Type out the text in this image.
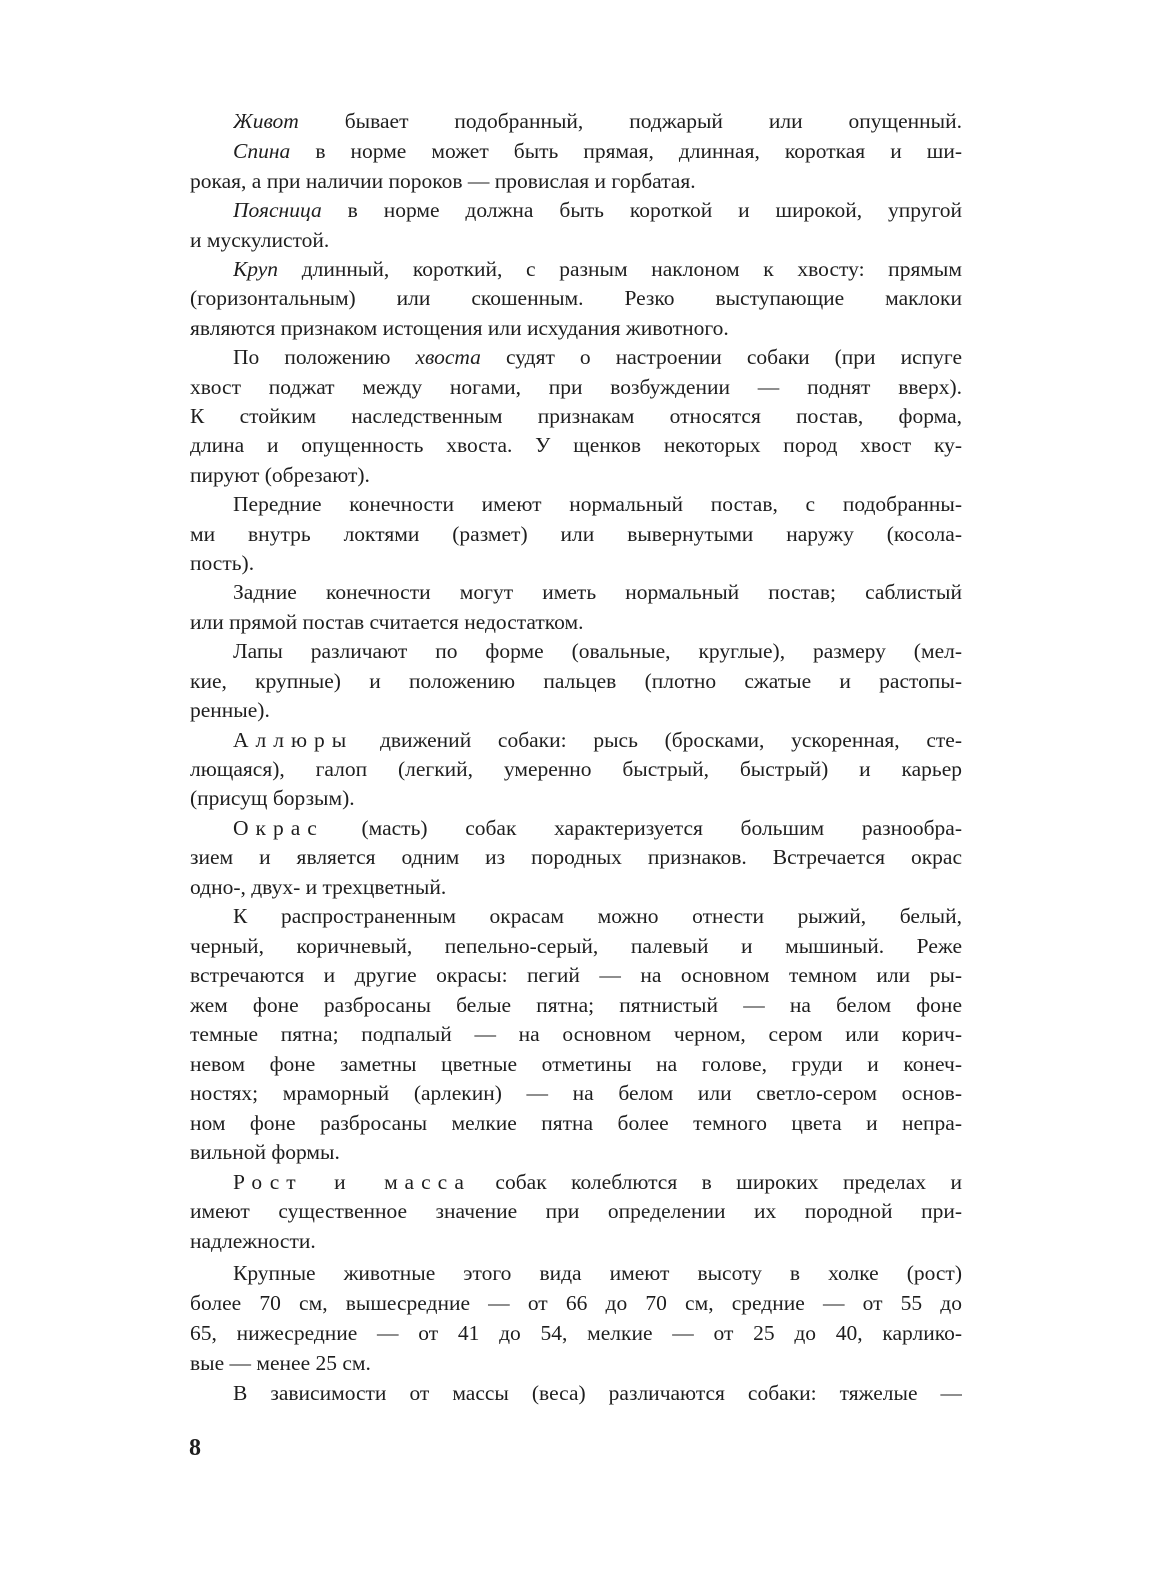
Живот бывает подобранный, поджарый или опущенный.
Спина в норме может быть прямая, длинная, короткая и ши-
рокая, а при наличии пороков — провислая и горбатая.
Поясница в норме должна быть короткой и широкой, упругой
и мускулистой.
Круп длинный, короткий, с разным наклоном к хвосту: прямым
(горизонтальным) или скошенным. Резко выступающие маклоки
являются признаком истощения или исхудания животного.
По положению хвоста судят о настроении собаки (при испуге
хвост поджат между ногами, при возбуждении — поднят вверх).
К стойким наследственным признакам относятся постав, форма,
длина и опущенность хвоста. У щенков некоторых пород хвост ку-
пируют (обрезают).
Передние конечности имеют нормальный постав, с подобранны-
ми внутрь локтями (размет) или вывернутыми наружу (косола-
пость).
Задние конечности могут иметь нормальный постав; саблистый
или прямой постав считается недостатком.
Лапы различают по форме (овальные, круглые), размеру (мел-
кие, крупные) и положению пальцев (плотно сжатые и растопы-
ренные).
Аллюры движений собаки: рысь (бросками, ускоренная, сте-
лющаяся), галоп (легкий, умеренно быстрый, быстрый) и карьер
(присущ борзым).
Окрас (масть) собак характеризуется большим разнообра-
зием и является одним из породных признаков. Встречается окрас
одно-, двух- и трехцветный.
К распространенным окрасам можно отнести рыжий, белый,
черный, коричневый, пепельно-серый, палевый и мышиный. Реже
встречаются и другие окрасы: пегий — на основном темном или ры-
жем фоне разбросаны белые пятна; пятнистый — на белом фоне
темные пятна; подпалый — на основном черном, сером или корич-
невом фоне заметны цветные отметины на голове, груди и конеч-
ностях; мраморный (арлекин) — на белом или светло-сером основ-
ном фоне разбросаны мелкие пятна более темного цвета и непра-
вильной формы.
Рост и масса собак колеблются в широких пределах и
имеют существенное значение при определении их породной при-
надлежности.
Крупные животные этого вида имеют высоту в холке (рост)
более 70 см, вышесредние — от 66 до 70 см, средние — от 55 до
65, нижесредние — от 41 до 54, мелкие — от 25 до 40, карлико-
вые — менее 25 см.
В зависимости от массы (веса) различаются собаки: тяжелые —
8
